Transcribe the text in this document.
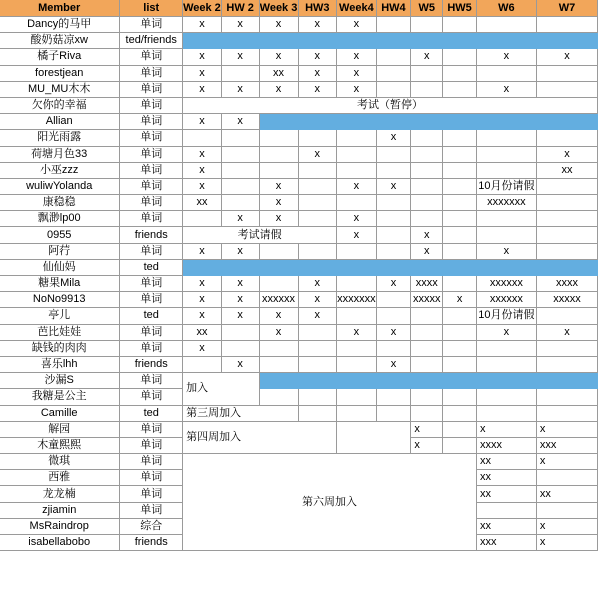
Member	list	Week 2	HW 2	Week 3	HW3	Week4	HW4	W5	HW5	W6	W7
Dancy的马甲	单词	x	x	x	x	x					
酸奶菇凉xw	ted/friends										
橘子Riva	单词	x	x	x	x	x		x		x	x
forestjean	单词	x		xx	x	x					
MU_MU木木	单词	x	x	x	x	x				x	
欠你的幸福	单词	考试（暂停）									
Allian	单词	x	x								
阳光雨露	单词						x				
荷塘月色33	单词	x			x						x
小巫zzz	单词	x									xx
wuliwYolanda	单词	x		x		x	x			10月份请假	
康稳稳	单词	xx		x						xxxxxxx	
飘渺lp00	单词		x	x		x					
0955	friends	考试请假				x		x			
阿荇	单词	x	x					x		x	
仙仙妈	ted										
糖果Mila	单词	x	x		x		x	xxxx		xxxxxx	xxxx
NoNo9913	单词	x	x	xxxxxx	x	xxxxxxx		xxxxx	x	xxxxxx	xxxxx
亭儿	ted	x	x	x	x					10月份请假	
芭比娃娃	单词	xx		x		x	x			x	x
缺钱的肉肉	单词	x									
喜乐lhh	friends		x				x				
沙漏S	单词	加入									
我糖是公主	单词										
Camille	ted	第三周加入									
解园	单词	第四周加入						x		x	x
木童熙熙	单词							x		xxxx	xxx
微琪	单词	第六周加入								xx	x
西雅	单词									xx	
龙龙楠	单词									xx	xx
zjiamin	单词										
MsRaindrop	综合									xx	x
isabellabobo	friends									xxx	x
